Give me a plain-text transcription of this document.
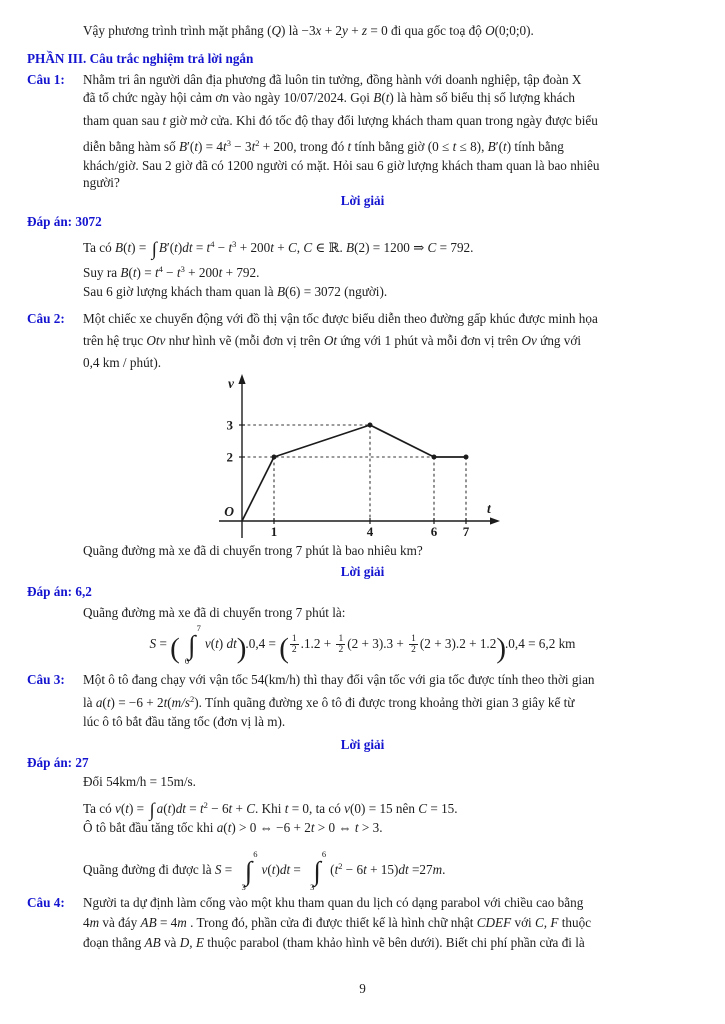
Vậy phương trình trình mặt phẳng (Q) là −3x + 2y + z = 0 đi qua gốc toạ độ O(0;0;0).
PHẦN III. Câu trắc nghiệm trả lời ngắn
Câu 1: Nhằm tri ân người dân địa phương đã luôn tin tưởng, đồng hành với doanh nghiệp, tập đoàn X
đã tổ chức ngày hội cảm ơn vào ngày 10/07/2024. Gọi B(t) là hàm số biểu thị số lượng khách
tham quan sau t giờ mở cửa. Khi đó tốc độ thay đổi lượng khách tham quan trong ngày được biểu
diễn bằng hàm số $B'(t) = 4t^3 - 3t^2 + 200$, trong đó t tính bằng giờ (0 ≤ t ≤ 8), B′(t) tính bằng
khách/giờ. Sau 2 giờ đã có 1200 người có mặt. Hỏi sau 6 giờ lượng khách tham quan là bao nhiêu
người?
Lời giải
Đáp án: 3072
Ta có B(t) = ∫ $B'(t)dt = t^4 - t^3 + 200t + C$, C ∈ ℝ. B(2) = 1200 ⇒ C = 792.
Suy ra $B(t) = t^4 - t^3 + 200t + 792$.
Sau 6 giờ lượng khách tham quan là B(6) = 3072 (người).
Câu 2: Một chiếc xe chuyển động với đồ thị vận tốc được biểu diễn theo đường gấp khúc được minh họa
trên hệ trục Otv như hình vẽ (mỗi đơn vị trên Ot ứng với 1 phút và mỗi đơn vị trên Ov ứng với
0,4 km / phút).
1	4	6 7
2
3
O	t
v
Quãng đường mà xe đã di chuyển trong 7 phút là bao nhiêu km?
Lời giải
Đáp án: 6,2
Quãng đường mà xe đã di chuyển trong 7 phút là:
S = (
7
∫
0
v(t) dt).0,4 = ( $\frac{1}{2} .1.2 + \frac{1}{2} (2 + 3).3 + \frac{1}{2} (2 + 3).2 + 1.2).0,4 = 6,2$ km
Câu 3: Một ô tô đang chạy với vận tốc 54(km/h) thì thay đổi vận tốc với gia tốc được tính theo thời gian
là $a(t) = -6 + 2t(m/s^2)$. Tính quãng đường xe ô tô đi được trong khoảng thời gian 3 giây kể từ
lúc ô tô bắt đầu tăng tốc (đơn vị là m).
Lời giải
Đáp án: 27
Đổi 54km/h = 15m/s.
Ta có v(t) = ∫ $a(t)dt = t^2 - 6t + C$. Khi t = 0, ta có v(0) = 15 nên C = 15.
Ô tô bắt đầu tăng tốc khi a(t) > 0 ⇔ −6 + 2t > 0 ⇔ t > 3.
Quãng đường đi được là S =
6
∫
3
v(t)dt =
6
∫
3
$(t^2 - 6t + 15)dt =27m$.
Câu 4: Người ta dự định làm cổng vào một khu tham quan du lịch có dạng parabol với chiều cao bằng
4m và đáy AB = 4m . Trong đó, phần cửa đi được thiết kế là hình chữ nhật CDEF với C, F thuộc
đoạn thẳng AB và D, E thuộc parabol (tham khảo hình vẽ bên dưới). Biết chi phí phần cửa đi là
9
